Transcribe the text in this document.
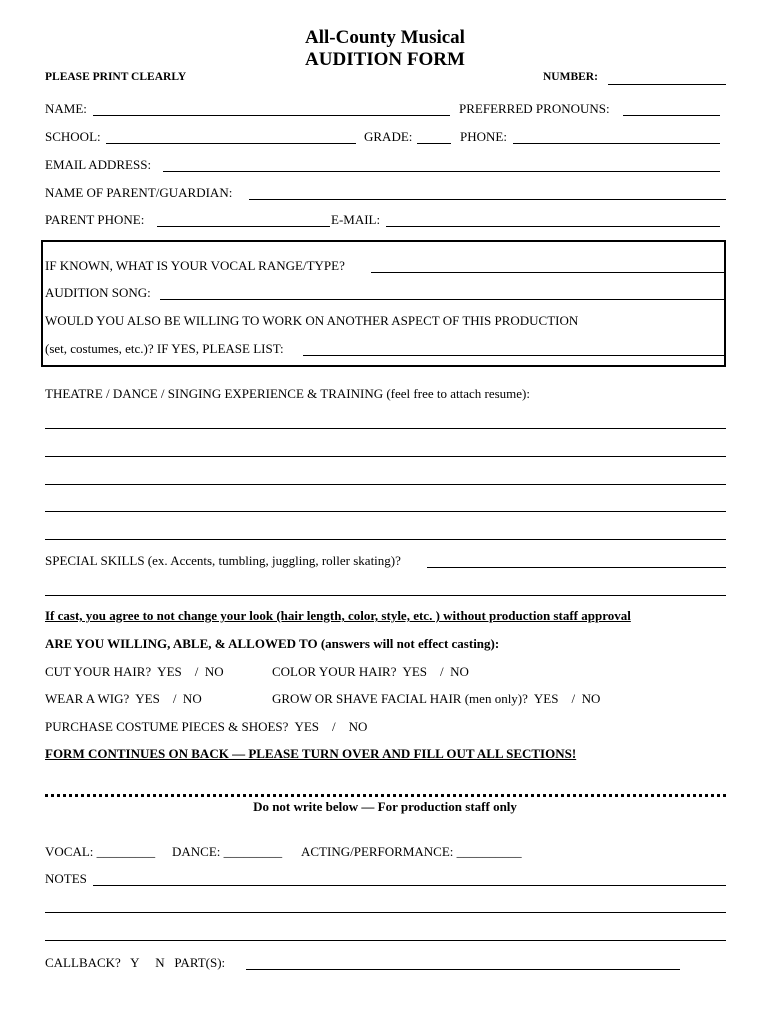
All-County Musical
AUDITION FORM
PLEASE PRINT CLEARLY	NUMBER:
NAME:	PREFERRED PRONOUNS:
SCHOOL:	GRADE:	PHONE:
EMAIL ADDRESS:
NAME OF PARENT/GUARDIAN:
PARENT PHONE:	E-MAIL:
IF KNOWN, WHAT IS YOUR VOCAL RANGE/TYPE?
AUDITION SONG:
WOULD YOU ALSO BE WILLING TO WORK ON ANOTHER ASPECT OF THIS PRODUCTION
(set, costumes, etc.)? IF YES, PLEASE LIST:
THEATRE / DANCE / SINGING EXPERIENCE & TRAINING (feel free to attach resume):
SPECIAL SKILLS (ex. Accents, tumbling, juggling, roller skating)?
If cast, you agree to not change your look (hair length, color, style, etc. ) without production staff approval
ARE YOU WILLING, ABLE, & ALLOWED TO (answers will not effect casting):
CUT YOUR HAIR?  YES    /  NO	COLOR YOUR HAIR?  YES    /  NO
WEAR A WIG?  YES    /  NO	GROW OR SHAVE FACIAL HAIR (men only)?  YES    /  NO
PURCHASE COSTUME PIECES & SHOES?  YES    /    NO
FORM CONTINUES ON BACK — PLEASE TURN OVER AND FILL OUT ALL SECTIONS!
Do not write below — For production staff only
VOCAL: _________ DANCE: _________ ACTING/PERFORMANCE: __________
NOTES
CALLBACK?   Y     N   PART(S):
